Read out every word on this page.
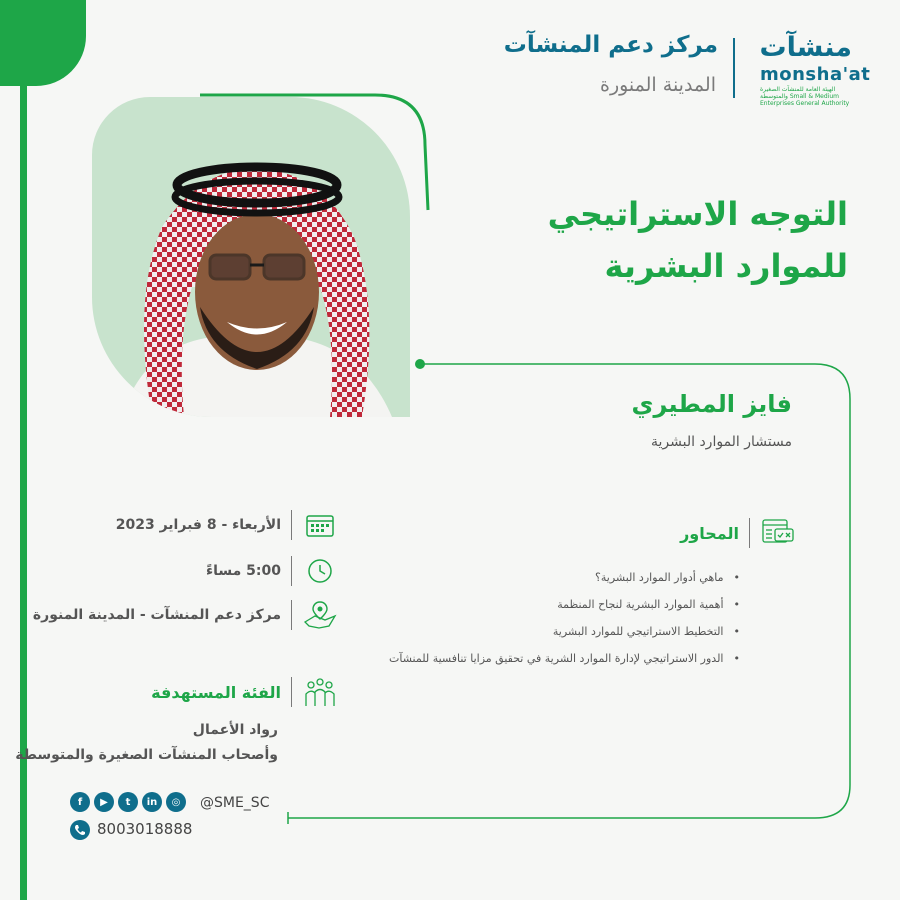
مركز دعم المنشآت
المدينة المنورة
منشآت
monsha'at
الهيئة العامة للمنشآت الصغيرة والمتوسطة Small & Medium Enterprises General Authority
التوجه الاستراتيجي
للموارد البشرية
فايز المطيري
مستشار الموارد البشرية
الأربعاء - 8 فبراير 2023
5:00 مساءً
مركز دعم المنشآت - المدينة المنورة
الفئة المستهدفة
رواد الأعمال
وأصحاب المنشآت الصغيرة والمتوسطة
المحاور
• ماهي أدوار الموارد البشرية؟
• أهمية الموارد البشرية لنجاح المنظمة
• التخطيط الاستراتيجي للموارد البشرية
• الدور الاستراتيجي لإدارة الموارد الشرية في تحقيق مزايا تنافسية للمنشآت
f	▶	t	in	◎	@SME_SC
8003018888
